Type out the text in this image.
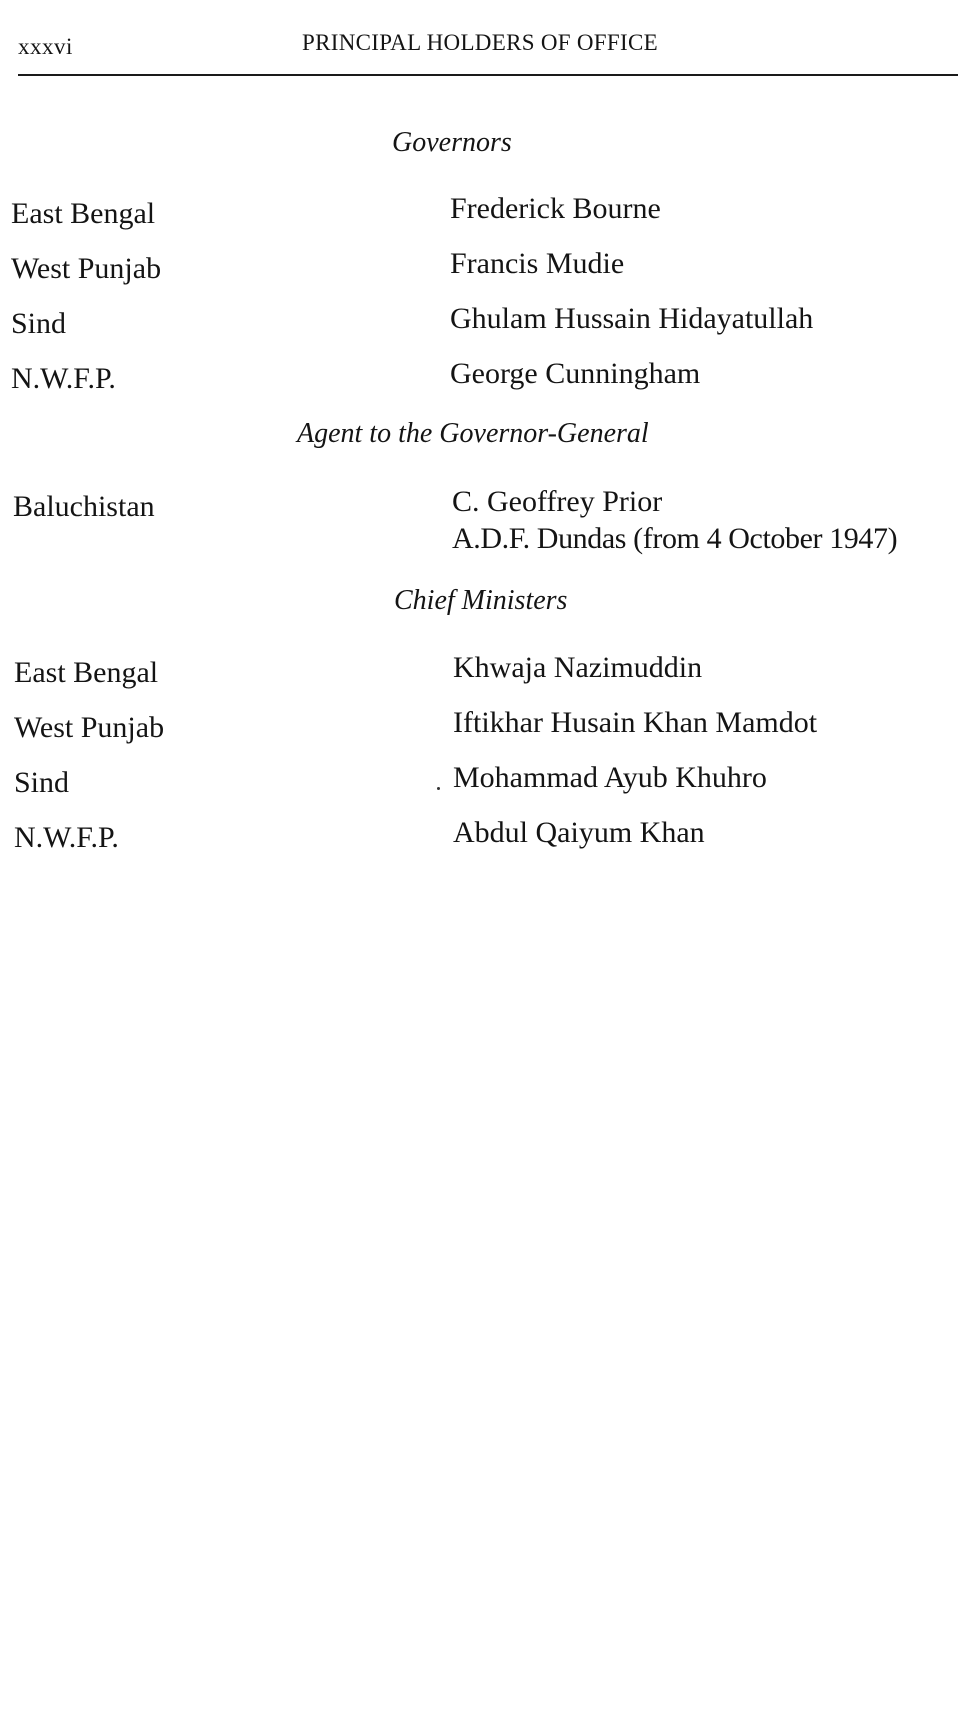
xxxvi	PRINCIPAL HOLDERS OF OFFICE
Governors
East Bengal	Frederick Bourne
West Punjab	Francis Mudie
Sind	Ghulam Hussain Hidayatullah
N.W.F.P.	George Cunningham
Agent to the Governor-General
Baluchistan	C. Geoffrey Prior
A.D.F. Dundas (from 4 October 1947)
Chief Ministers
East Bengal	Khwaja Nazimuddin
West Punjab	Iftikhar Husain Khan Mamdot
Sind	Mohammad Ayub Khuhro
N.W.F.P.	Abdul Qaiyum Khan
